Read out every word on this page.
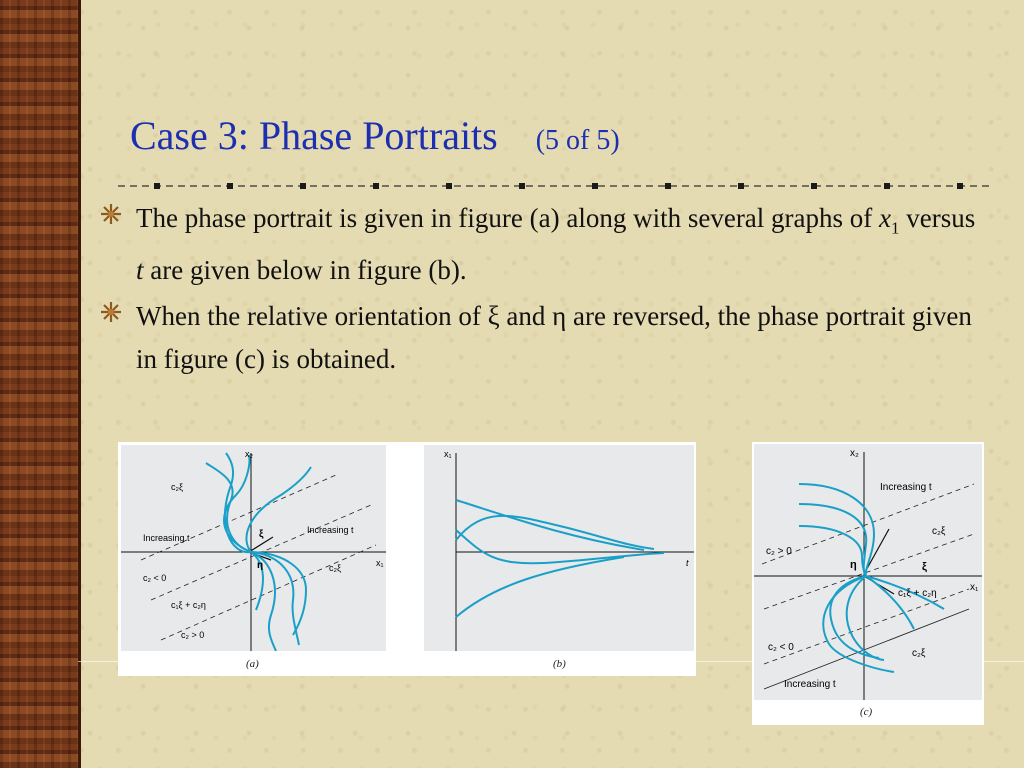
Case 3: Phase Portraits (5 of 5)
The phase portrait is given in figure (a) along with several graphs of $x_1$ versus t are given below in figure (b).
When the relative orientation of ξ and η are reversed, the phase portrait given in figure (c) is obtained.
x₂
x₁
c₂ξ
ξ
η
Increasing t
Increasing t
c₂ < 0
c₂ > 0
c₁ξ + c₂η
c₂ξ
(a)
x₁
t
(b)
x₂
x₁
Increasing t
c₂ξ
c₂ > 0
η	ξ
c₁ξ + c₂η
c₂ < 0
c₂ξ
Increasing t
(c)
